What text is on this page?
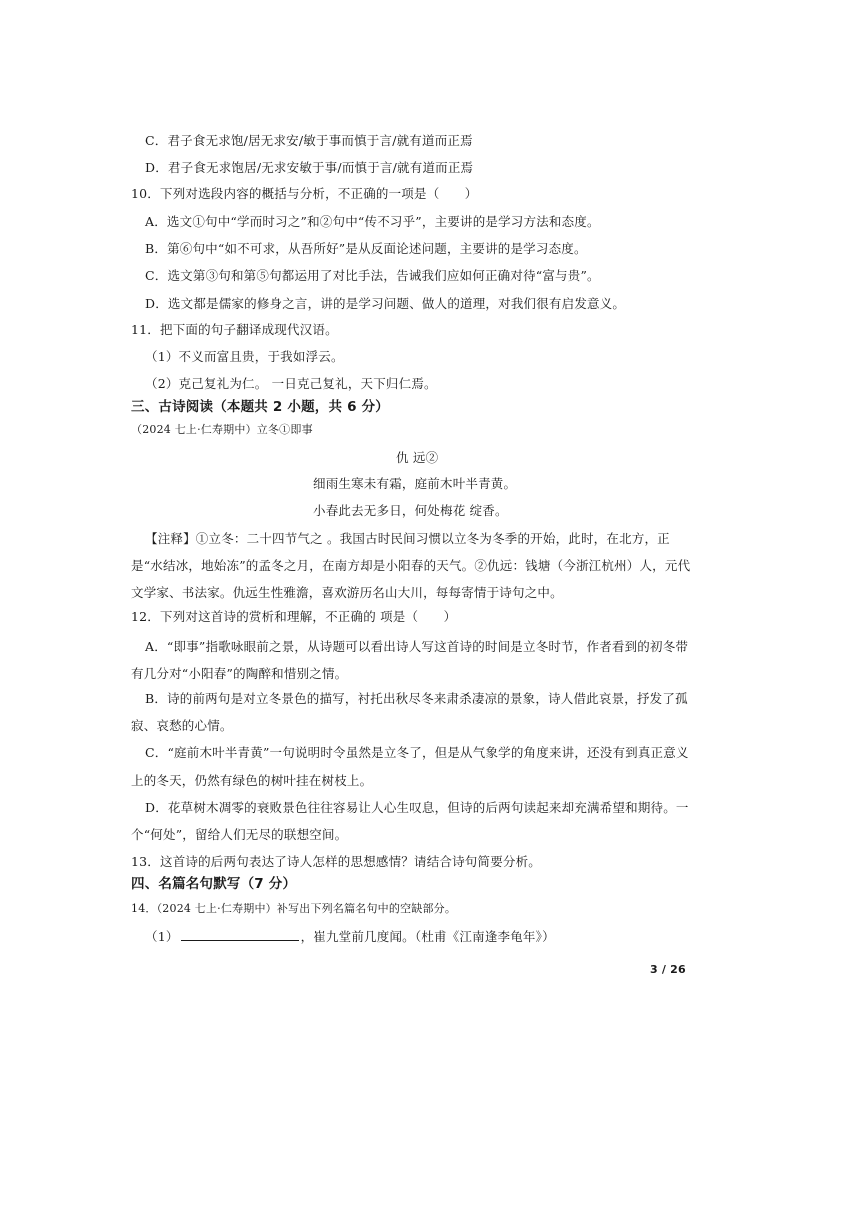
C．君子食无求饱/居无求安/敏于事而慎于言/就有道而正焉
D．君子食无求饱居/无求安敏于事/而慎于言/就有道而正焉
10．下列对选段内容的概括与分析，不正确的一项是（　　）
A．选文①句中“学而时习之”和②句中“传不习乎”，主要讲的是学习方法和态度。
B．第⑥句中“如不可求，从吾所好”是从反面论述问题，主要讲的是学习态度。
C．选文第③句和第⑤句都运用了对比手法，告诫我们应如何正确对待“富与贵”。
D．选文都是儒家的修身之言，讲的是学习问题、做人的道理，对我们很有启发意义。
11．把下面的句子翻译成现代汉语。
（1）不义而富且贵，于我如浮云。
（2）克己复礼为仁。 一日克己复礼，天下归仁焉。
三、古诗阅读（本题共 2 小题，共 6 分）
（2024 七上·仁寿期中）立冬①即事
仇 远②
细雨生寒未有霜，庭前木叶半青黄。
小春此去无多日，何处梅花 绽香。
【注释】①立冬：二十四节气之 。我国古时民间习惯以立冬为冬季的开始，此时，在北方，正
是“水结冰，地始冻”的孟冬之月，在南方却是小阳春的天气。②仇远：钱塘（今浙江杭州）人，元代
文学家、书法家。仇远生性雅澹，喜欢游历名山大川，每每寄情于诗句之中。
12．下列对这首诗的赏析和理解，不正确的 项是（　　）
A．“即事”指歌咏眼前之景，从诗题可以看出诗人写这首诗的时间是立冬时节，作者看到的初冬带
有几分对“小阳春”的陶醉和惜别之情。
B．诗的前两句是对立冬景色的描写，衬托出秋尽冬来肃杀凄凉的景象，诗人借此哀景，抒发了孤
寂、哀愁的心情。
C．“庭前木叶半青黄”一句说明时令虽然是立冬了，但是从气象学的角度来讲，还没有到真正意义
上的冬天，仍然有绿色的树叶挂在树枝上。
D．花草树木凋零的衰败景色往往容易让人心生叹息，但诗的后两句读起来却充满希望和期待。一
个“何处”，留给人们无尽的联想空间。
13．这首诗的后两句表达了诗人怎样的思想感情？请结合诗句简要分析。
四、名篇名句默写（7 分）
14．（2024 七上·仁寿期中）补写出下列名篇名句中的空缺部分。
（1）	，崔九堂前几度闻。（杜甫《江南逢李龟年》）
3 / 26
